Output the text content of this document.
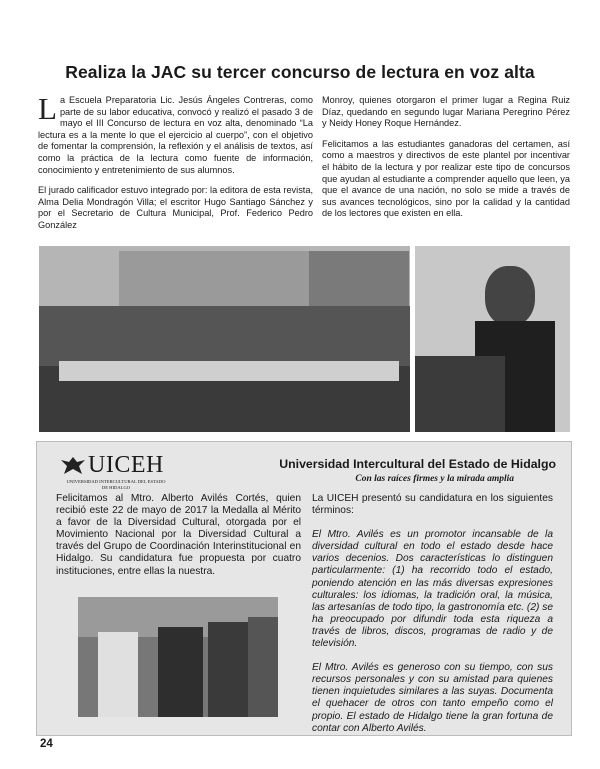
Realiza la JAC su tercer concurso de lectura en voz alta

La Escuela Preparatoria Lic. Jesús Ángeles Contreras, como parte de su labor educativa, convocó y realizó el pasado 3 de mayo el III Concurso de lectura en voz alta, denominado “La lectura es a la mente lo que el ejercicio al cuerpo”, con el objetivo de fomentar la comprensión, la reflexión y el análisis de textos, así como la práctica de la lectura como fuente de información, conocimiento y entretenimiento de sus alumnos.

El jurado calificador estuvo integrado por: la editora de esta revista, Alma Delia Mondragón Villa; el escritor Hugo Santiago Sánchez y por el Secretario de Cultura Municipal, Prof. Federico Pedro González

Monroy, quienes otorgaron el primer lugar a Regina Ruiz Díaz, quedando en segundo lugar Mariana Peregrino Pérez y Neidy Honey Roque Hernández.

Felicitamos a las estudiantes ganadoras del certamen, así como a maestros y directivos de este plantel por incentivar el hábito de la lectura y por realizar este tipo de concursos que ayudan al estudiante a comprender aquello que leen, ya que el avance de una nación, no solo se mide a través de sus avances tecnológicos, sino por la calidad y la cantidad de los lectores que existen en ella.

UICEH
UNIVERSIDAD INTERCULTURAL DEL ESTADO DE HIDALGO
Universidad Intercultural del Estado de Hidalgo
Con las raíces firmes y la mirada amplia

Felicitamos al Mtro. Alberto Avilés Cortés, quien recibió este 22 de mayo de 2017 la Medalla al Mérito a favor de la Diversidad Cultural, otorgada por el Movimiento Nacional por la Diversidad Cultural a través del Grupo de Coordinación Interinstitucional en Hidalgo. Su candidatura fue propuesta por cuatro instituciones, entre ellas la nuestra.

La UICEH presentó su candidatura en los siguientes términos:

El Mtro. Avilés es un promotor incansable de la diversidad cultural en todo el estado desde hace varios decenios. Dos características lo distinguen particularmente: (1) ha recorrido todo el estado, poniendo atención en las más diversas expresiones culturales: los idiomas, la tradición oral, la música, las artesanías de todo tipo, la gastronomía etc. (2) se ha preocupado por difundir toda esta riqueza a través de libros, discos, programas de radio y de televisión.

El Mtro. Avilés es generoso con su tiempo, con sus recursos personales y con su amistad para quienes tienen inquietudes similares a las suyas. Documenta el quehacer de otros con tanto empeño como el propio. El estado de Hidalgo tiene la gran fortuna de contar con Alberto Avilés.

24
